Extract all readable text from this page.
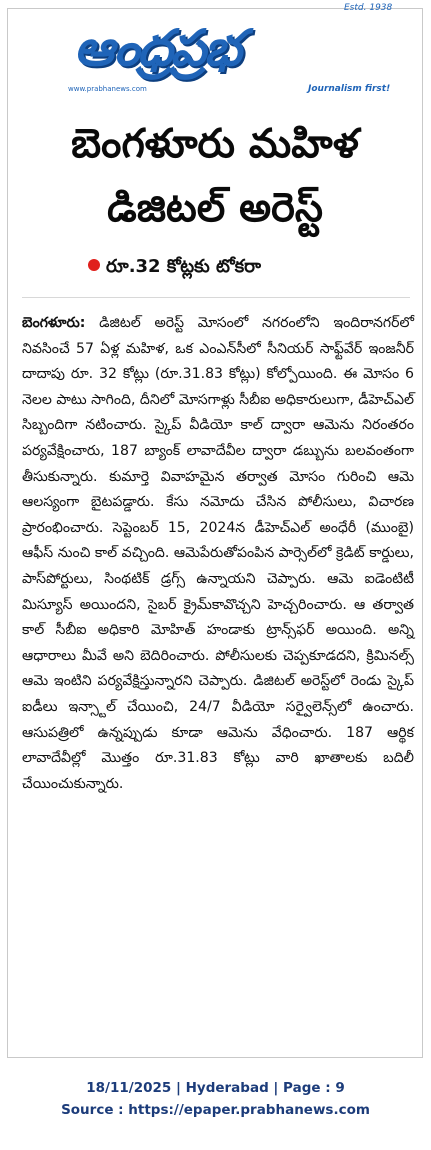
ఆంధ్రప్రభ
Estd. 1938
www.prabhanews.com	Journalism first!
బెంగళూరు మహిళ
డిజిటల్ అరెస్ట్
రూ.32 కోట్లకు టోకరా

బెంగళూరు: డిజిటల్ అరెస్ట్ మోసంలో నగరంలోని ఇందిరానగర్‌లో నివసించే 57 ఏళ్ల మహిళ, ఒక ఎంఎన్‌సీలో సీనియర్ సాఫ్ట్‌వేర్ ఇంజనీర్ దాదాపు రూ. 32 కోట్లు (రూ.31.83 కోట్లు) కోల్పోయింది. ఈ మోసం 6 నెలల పాటు సాగింది, దీనిలో మోసగాళ్లు సీబీఐ అధికారులుగా, డీహెచ్‌ఎల్ సిబ్బందిగా నటించారు. స్కైప్ వీడియో కాల్ ద్వారా ఆమెను నిరంతరం పర్యవేక్షించారు, 187 బ్యాంక్ లావాదేవీల ద్వారా డబ్బును బలవంతంగా తీసుకున్నారు. కుమార్తె వివాహమైన తర్వాత మోసం గురించి ఆమె ఆలస్యంగా బైటపడ్డారు. కేసు నమోదు చేసిన పోలీసులు, విచారణ ప్రారంభించారు. సెప్టెంబర్ 15, 2024న డీహెచ్‌ఎల్ అంధేరీ (ముంబై) ఆఫీస్ నుంచి కాల్ వచ్చింది. ఆమెపేరుతోపంపిన పార్సెల్‌లో క్రెడిట్ కార్డులు, పాస్‌పోర్టులు, సింథటిక్ డ్రగ్స్ ఉన్నాయని చెప్పారు. ఆమె ఐడెంటిటీ మిస్యూస్ అయిందని, సైబర్ క్రైమ్‌కావొచ్చని హెచ్చరించారు. ఆ తర్వాత కాల్ సీబీఐ అధికారి మోహిత్ హండాకు ట్రాన్స్‌ఫర్ అయింది. అన్ని ఆధారాలు మీవే అని బెదిరించారు. పోలీసులకు చెప్పకూడదని, క్రిమినల్స్ ఆమె ఇంటిని పర్యవేక్షిస్తున్నారని చెప్పారు. డిజిటల్ అరెస్ట్‌లో రెండు స్కైప్ ఐడీలు ఇన్స్టాల్ చేయించి, 24/7 వీడియో సర్వైలెన్స్‌లో ఉంచారు. ఆసుపత్రిలో ఉన్నప్పుడు కూడా ఆమెను వేధించారు. 187 ఆర్థిక లావాదేవీల్లో మొత్తం రూ.31.83 కోట్లు వారి ఖాతాలకు బదిలీ చేయించుకున్నారు.

18/11/2025 | Hyderabad | Page : 9
Source : https://epaper.prabhanews.com
